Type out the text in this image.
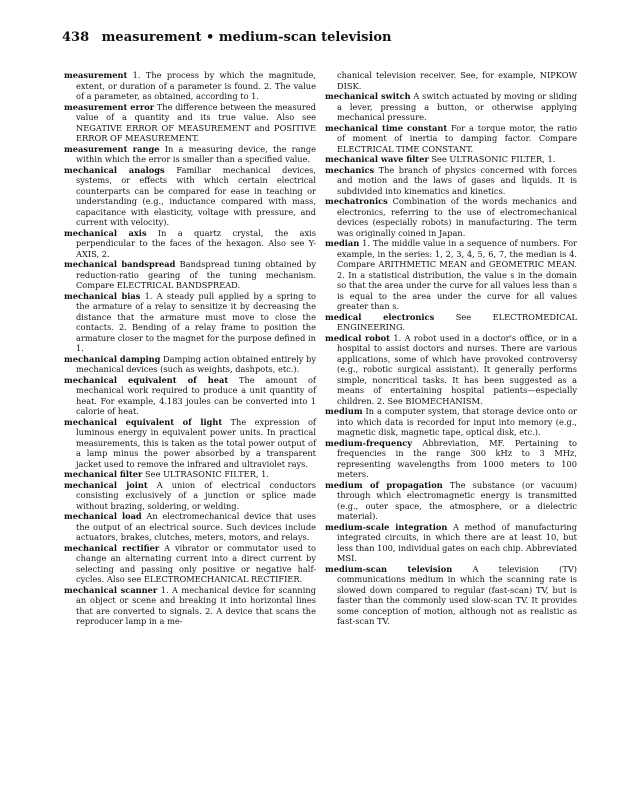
438 measurement • medium-scan television

measurement 1. The process by which the magnitude, extent, or duration of a parameter is found. 2. The value of a parameter, as obtained, according to 1.

measurement error The difference between the measured value of a quantity and its true value. Also see NEGATIVE ERROR OF MEASUREMENT and POSITIVE ERROR OF MEASUREMENT.

measurement range In a measuring device, the range within which the error is smaller than a specified value.

mechanical analogs Familiar mechanical devices, systems, or effects with which certain electrical counterparts can be compared for ease in teaching or understanding (e.g., inductance compared with mass, capacitance with elasticity, voltage with pressure, and current with velocity).

mechanical axis In a quartz crystal, the axis perpendicular to the faces of the hexagon. Also see Y-AXIS, 2.

mechanical bandspread Bandspread tuning obtained by reduction-ratio gearing of the tuning mechanism. Compare ELECTRICAL BANDSPREAD.

mechanical bias 1. A steady pull applied by a spring to the armature of a relay to sensitize it by decreasing the distance that the armature must move to close the contacts. 2. Bending of a relay frame to position the armature closer to the magnet for the purpose defined in 1.

mechanical damping Damping action obtained entirely by mechanical devices (such as weights, dashpots, etc.).

mechanical equivalent of heat The amount of mechanical work required to produce a unit quantity of heat. For example, 4.183 joules can be converted into 1 calorie of heat.

mechanical equivalent of light The expression of luminous energy in equivalent power units. In practical measurements, this is taken as the total power output of a lamp minus the power absorbed by a transparent jacket used to remove the infrared and ultraviolet rays.

mechanical filter See ULTRASONIC FILTER, 1.

mechanical joint A union of electrical conductors consisting exclusively of a junction or splice made without brazing, soldering, or welding.

mechanical load An electromechanical device that uses the output of an electrical source. Such devices include actuators, brakes, clutches, meters, motors, and relays.

mechanical rectifier A vibrator or commutator used to change an alternating current into a direct current by selecting and passing only positive or negative half-cycles. Also see ELECTROMECHANICAL RECTIFIER.

mechanical scanner 1. A mechanical device for scanning an object or scene and breaking it into horizontal lines that are converted to signals. 2. A device that scans the reproducer lamp in a me-

chanical television receiver. See, for example, NIPKOW DISK.

mechanical switch A switch actuated by moving or sliding a lever, pressing a button, or otherwise applying mechanical pressure.

mechanical time constant For a torque motor, the ratio of moment of inertia to damping factor. Compare ELECTRICAL TIME CONSTANT.

mechanical wave filter See ULTRASONIC FILTER, 1.

mechanics The branch of physics concerned with forces and motion and the laws of gases and liquids. It is subdivided into kinematics and kinetics.

mechatronics Combination of the words mechanics and electronics, referring to the use of electromechanical devices (especially robots) in manufacturing. The term was originally coined in Japan.

median 1. The middle value in a sequence of numbers. For example, in the series: 1, 2, 3, 4, 5, 6, 7, the median is 4. Compare ARITHMETIC MEAN and GEOMETRIC MEAN. 2. In a statistical distribution, the value s in the domain so that the area under the curve for all values less than s is equal to the area under the curve for all values greater than s.

medical electronics	See ELECTROMEDICAL ENGINEERING.

medical robot 1. A robot used in a doctor's office, or in a hospital to assist doctors and nurses. There are various applications, some of which have provoked controversy (e.g., robotic surgical assistant). It generally performs simple, noncritical tasks. It has been suggested as a means of entertaining hospital patients—especially children. 2. See BIOMECHANISM.

medium In a computer system, that storage device onto or into which data is recorded for input into memory (e.g., magnetic disk, magnetic tape, optical disk, etc.).

medium-frequency Abbreviation, MF. Pertaining to frequencies in the range 300 kHz to 3 MHz, representing wavelengths from 1000 meters to 100 meters.

medium of propagation The substance (or vacuum) through which electromagnetic energy is transmitted (e.g., outer space, the atmosphere, or a dielectric material).

medium-scale integration A method of manufacturing integrated circuits, in which there are at least 10, but less than 100, individual gates on each chip. Abbreviated MSI.

medium-scan television A television (TV) communications medium in which the scanning rate is slowed down compared to regular (fast-scan) TV, but is faster than the commonly used slow-scan TV. It provides some conception of motion, although not as realistic as fast-scan TV.
